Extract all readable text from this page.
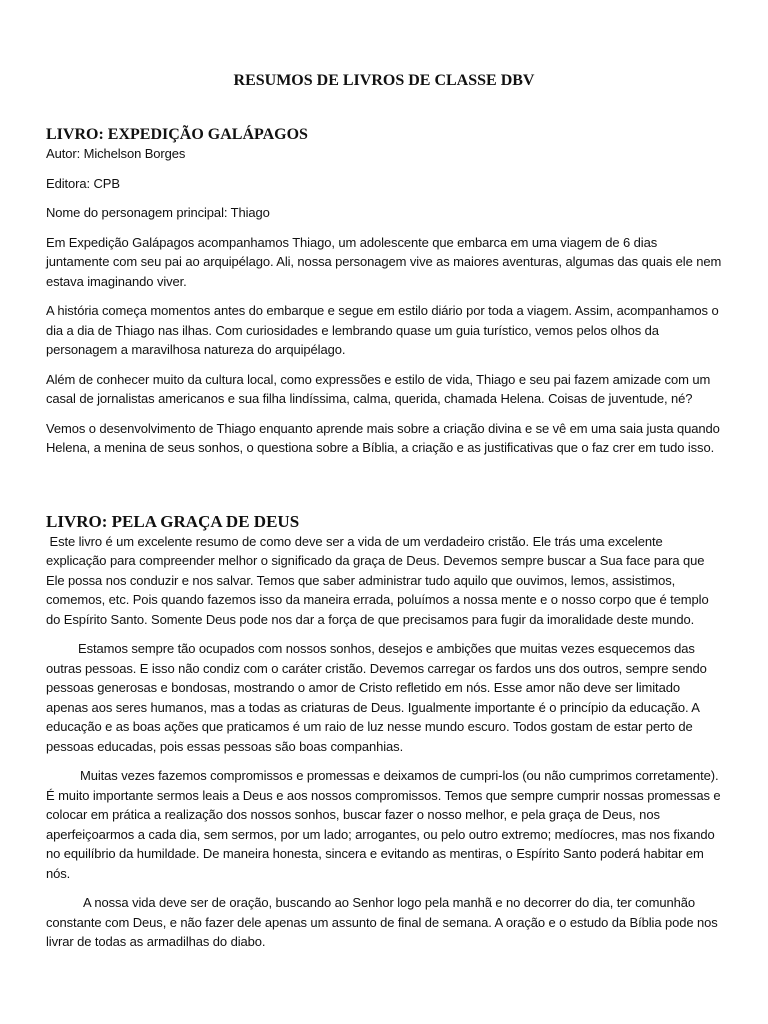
RESUMOS DE LIVROS DE CLASSE DBV
LIVRO: EXPEDIÇÃO GALÁPAGOS

Autor: Michelson Borges

Editora: CPB

Nome do personagem principal: Thiago

Em Expedição Galápagos acompanhamos Thiago, um adolescente que embarca em uma viagem de 6 dias juntamente com seu pai ao arquipélago. Ali, nossa personagem vive as maiores aventuras, algumas das quais ele nem estava imaginando viver.

A história começa momentos antes do embarque e segue em estilo diário por toda a viagem. Assim, acompanhamos o dia a dia de Thiago nas ilhas. Com curiosidades e lembrando quase um guia turístico, vemos pelos olhos da personagem a maravilhosa natureza do arquipélago.

Além de conhecer muito da cultura local, como expressões e estilo de vida, Thiago e seu pai fazem amizade com um casal de jornalistas americanos e sua filha lindíssima, calma, querida, chamada Helena. Coisas de juventude, né?

Vemos o desenvolvimento de Thiago enquanto aprende mais sobre a criação divina e se vê em uma saia justa quando Helena, a menina de seus sonhos, o questiona sobre a Bíblia, a criação e as justificativas que o faz crer em tudo isso.

LIVRO: PELA GRAÇA DE DEUS

Este livro é um excelente resumo de como deve ser a vida de um verdadeiro cristão. Ele trás uma excelente explicação para compreender melhor o significado da graça de Deus. Devemos sempre buscar a Sua face para que Ele possa nos conduzir e nos salvar. Temos que saber administrar tudo aquilo que ouvimos, lemos, assistimos, comemos, etc. Pois quando fazemos isso da maneira errada, poluímos a nossa mente e o nosso corpo que é templo do Espírito Santo. Somente Deus pode nos dar a força de que precisamos para fugir da imoralidade deste mundo.

Estamos sempre tão ocupados com nossos sonhos, desejos e ambições que muitas vezes esquecemos das outras pessoas. E isso não condiz com o caráter cristão. Devemos carregar os fardos uns dos outros, sempre sendo pessoas generosas e bondosas, mostrando o amor de Cristo refletido em nós. Esse amor não deve ser limitado apenas aos seres humanos, mas a todas as criaturas de Deus. Igualmente importante é o princípio da educação. A educação e as boas ações que praticamos é um raio de luz nesse mundo escuro. Todos gostam de estar perto de pessoas educadas, pois essas pessoas são boas companhias.

Muitas vezes fazemos compromissos e promessas e deixamos de cumpri-los (ou não cumprimos corretamente). É muito importante sermos leais a Deus e aos nossos compromissos. Temos que sempre cumprir nossas promessas e colocar em prática a realização dos nossos sonhos, buscar fazer o nosso melhor, e pela graça de Deus, nos aperfeiçoarmos a cada dia, sem sermos, por um lado; arrogantes, ou pelo outro extremo; medíocres, mas nos fixando no equilíbrio da humildade. De maneira honesta, sincera e evitando as mentiras, o Espírito Santo poderá habitar em nós.

A nossa vida deve ser de oração, buscando ao Senhor logo pela manhã e no decorrer do dia, ter comunhão constante com Deus, e não fazer dele apenas um assunto de final de semana. A oração e o estudo da Bíblia pode nos livrar de todas as armadilhas do diabo.
